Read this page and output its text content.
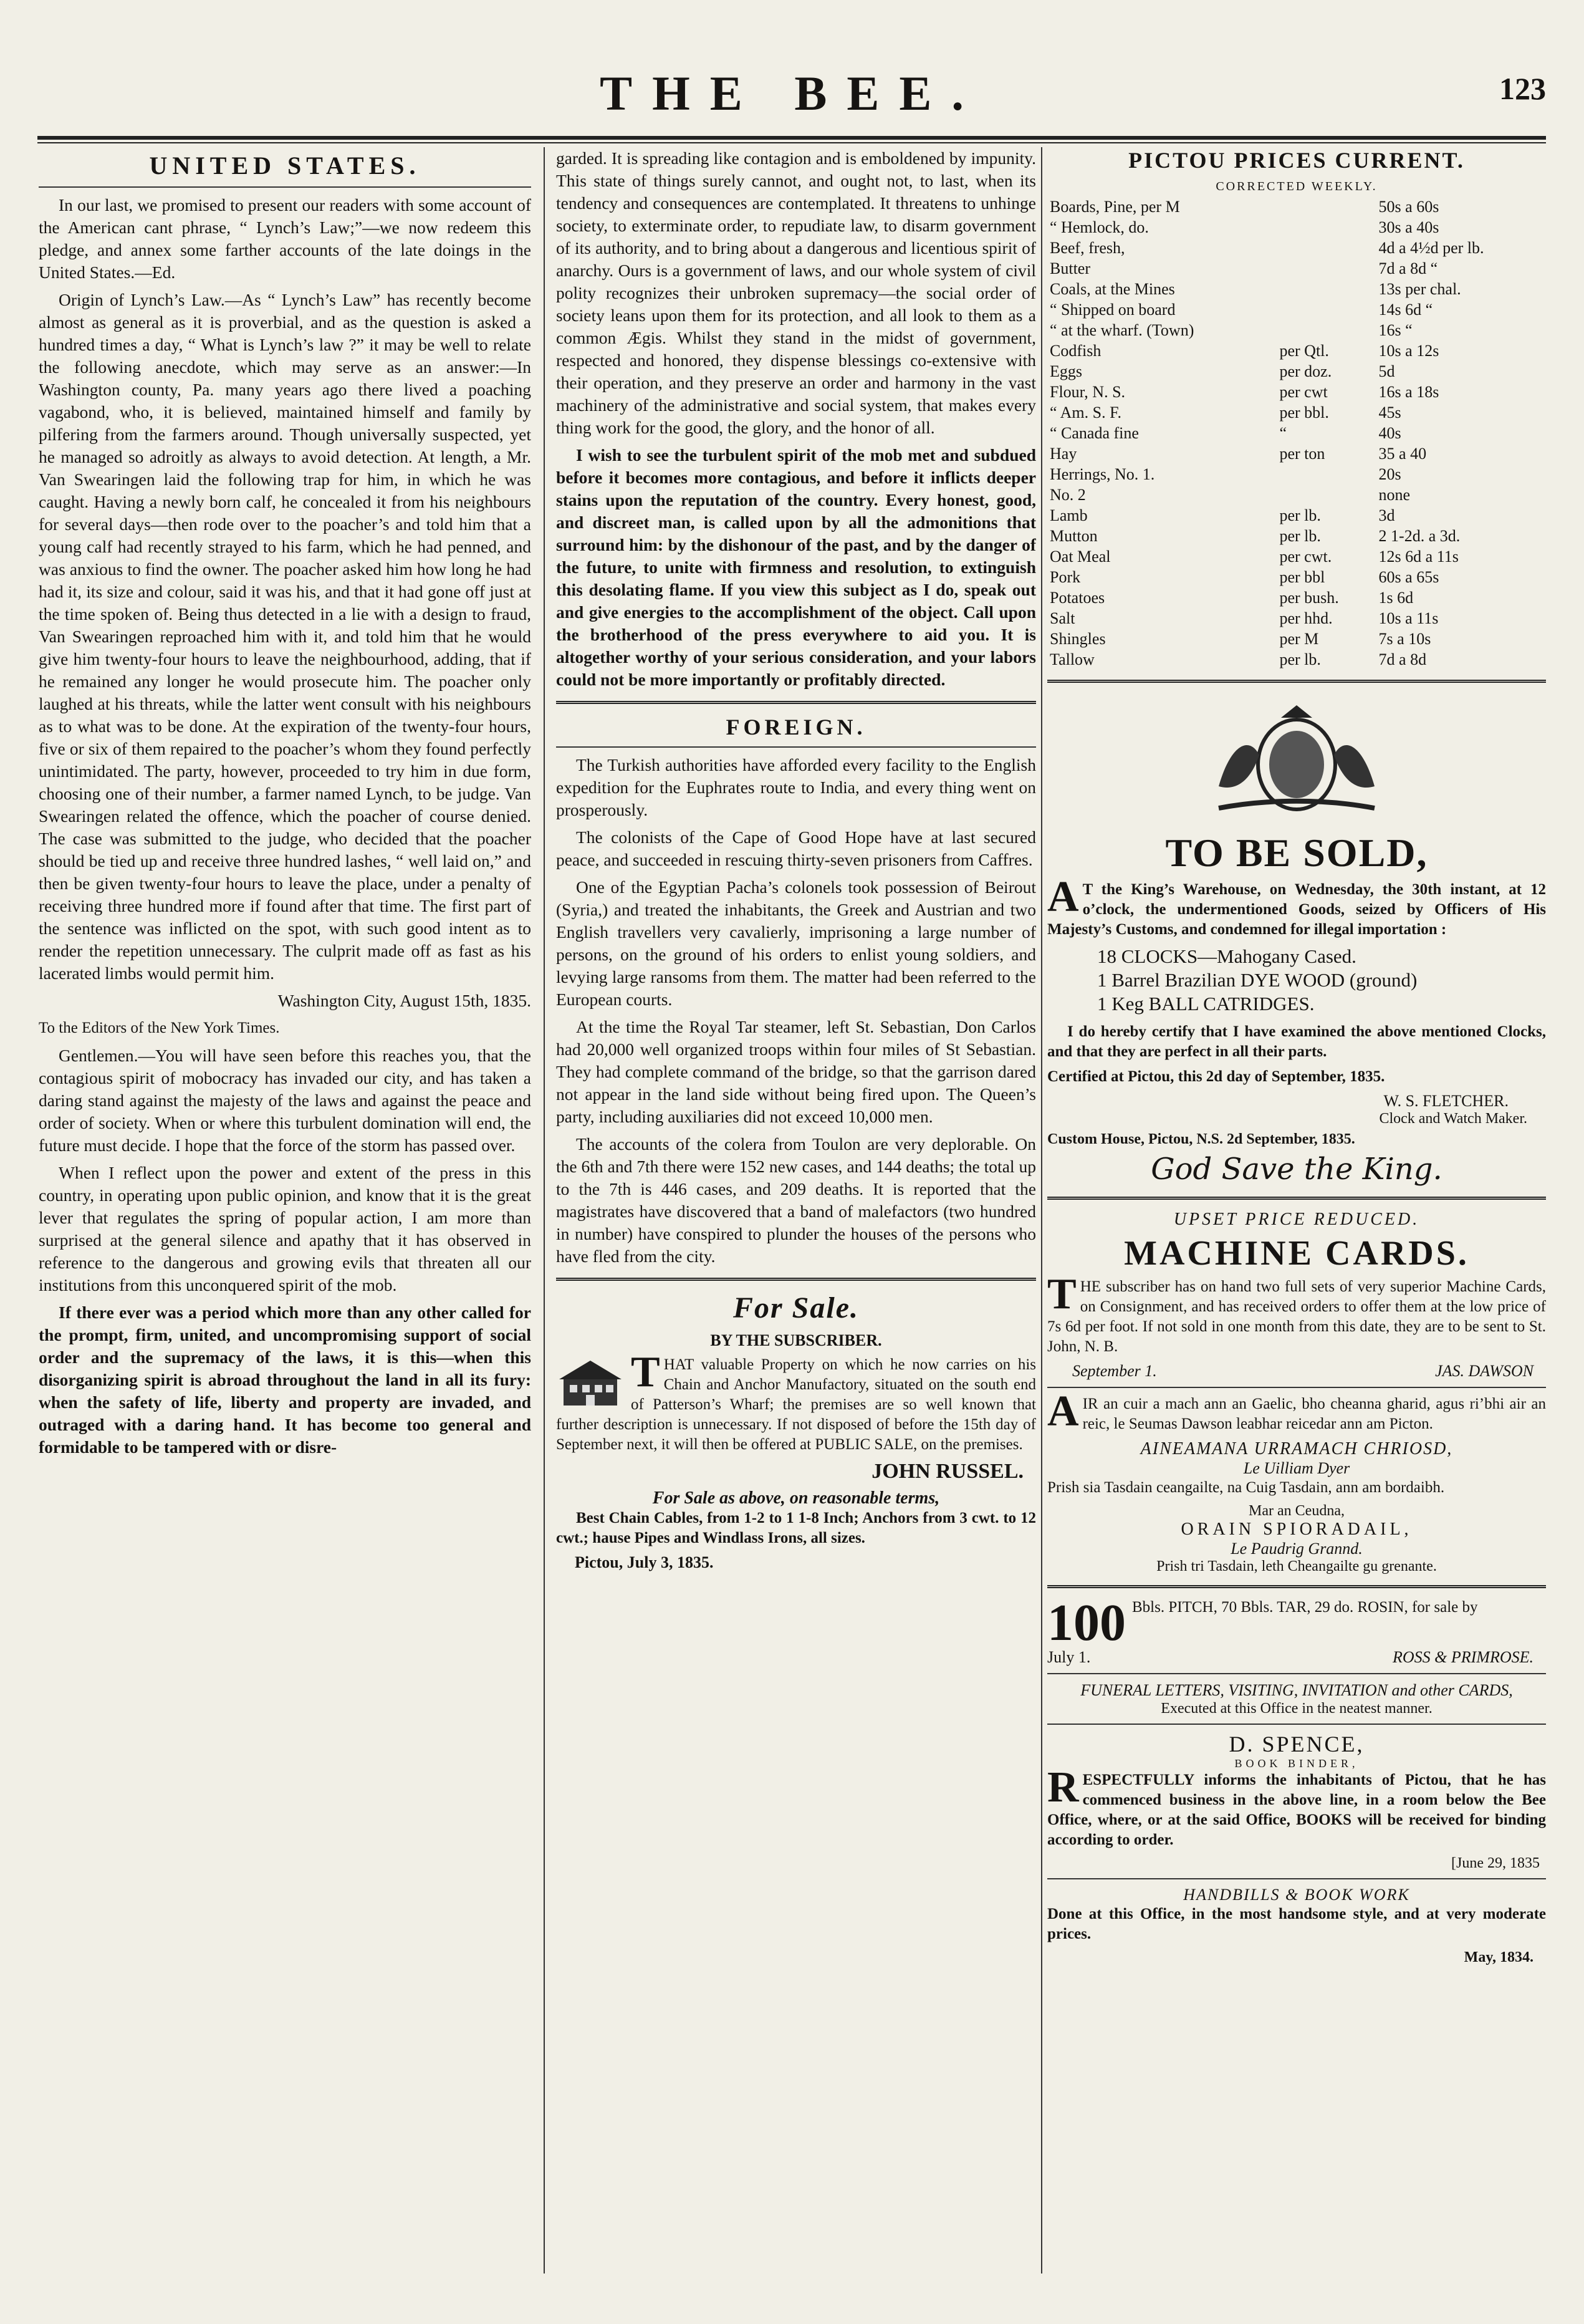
THE BEE.	123
UNITED STATES.

In our last, we promised to present our readers with some account of the American cant phrase, “ Lynch’s Law;”—we now redeem this pledge, and annex some farther accounts of the late doings in the United States.—Ed.

Origin of Lynch’s Law.—As “ Lynch’s Law” has recently become almost as general as it is proverbial, and as the question is asked a hundred times a day, “ What is Lynch’s law ?” it may be well to relate the following anecdote, which may serve as an answer:—In Washington county, Pa. many years ago there lived a poaching vagabond, who, it is believed, maintained himself and family by pilfering from the farmers around. Though universally suspected, yet he managed so adroitly as always to avoid detection. At length, a Mr. Van Swearingen laid the following trap for him, in which he was caught. Having a newly born calf, he concealed it from his neighbours for several days—then rode over to the poacher’s and told him that a young calf had recently strayed to his farm, which he had penned, and was anxious to find the owner. The poacher asked him how long he had had it, its size and colour, said it was his, and that it had gone off just at the time spoken of. Being thus detected in a lie with a design to fraud, Van Swearingen reproached him with it, and told him that he would give him twenty-four hours to leave the neighbourhood, adding, that if he remained any longer he would prosecute him. The poacher only laughed at his threats, while the latter went consult with his neighbours as to what was to be done. At the expiration of the twenty-four hours, five or six of them repaired to the poacher’s whom they found perfectly unintimidated. The party, however, proceeded to try him in due form, choosing one of their number, a farmer named Lynch, to be judge. Van Swearingen related the offence, which the poacher of course denied. The case was submitted to the judge, who decided that the poacher should be tied up and receive three hundred lashes, “ well laid on,” and then be given twenty-four hours to leave the place, under a penalty of receiving three hundred more if found after that time. The first part of the sentence was inflicted on the spot, with such good intent as to render the repetition unnecessary. The culprit made off as fast as his lacerated limbs would permit him.

Washington City, August 15th, 1835.

To the Editors of the New York Times.

Gentlemen.—You will have seen before this reaches you, that the contagious spirit of mobocracy has invaded our city, and has taken a daring stand against the majesty of the laws and against the peace and order of society. When or where this turbulent domination will end, the future must decide. I hope that the force of the storm has passed over.

When I reflect upon the power and extent of the press in this country, in operating upon public opinion, and know that it is the great lever that regulates the spring of popular action, I am more than surprised at the general silence and apathy that it has observed in reference to the dangerous and growing evils that threaten all our institutions from this unconquered spirit of the mob.

If there ever was a period which more than any other called for the prompt, firm, united, and uncompromising support of social order and the supremacy of the laws, it is this—when this disorganizing spirit is abroad throughout the land in all its fury: when the safety of life, liberty and property are invaded, and outraged with a daring hand. It has become too general and formidable to be tampered with or disre-

garded. It is spreading like contagion and is emboldened by impunity. This state of things surely cannot, and ought not, to last, when its tendency and consequences are contemplated. It threatens to unhinge society, to exterminate order, to repudiate law, to disarm government of its authority, and to bring about a dangerous and licentious spirit of anarchy. Ours is a government of laws, and our whole system of civil polity recognizes their unbroken supremacy—the social order of society leans upon them for its protection, and all look to them as a common Ægis. Whilst they stand in the midst of government, respected and honored, they dispense blessings co-extensive with their operation, and they preserve an order and harmony in the vast machinery of the administrative and social system, that makes every thing work for the good, the glory, and the honor of all.

I wish to see the turbulent spirit of the mob met and subdued before it becomes more contagious, and before it inflicts deeper stains upon the reputation of the country. Every honest, good, and discreet man, is called upon by all the admonitions that surround him: by the dishonour of the past, and by the danger of the future, to unite with firmness and resolution, to extinguish this desolating flame. If you view this subject as I do, speak out and give energies to the accomplishment of the object. Call upon the brotherhood of the press everywhere to aid you. It is altogether worthy of your serious consideration, and your labors could not be more importantly or profitably directed.

FOREIGN.

The Turkish authorities have afforded every facility to the English expedition for the Euphrates route to India, and every thing went on prosperously.

The colonists of the Cape of Good Hope have at last secured peace, and succeeded in rescuing thirty-seven prisoners from Caffres.

One of the Egyptian Pacha’s colonels took possession of Beirout (Syria,) and treated the inhabitants, the Greek and Austrian and two English travellers very cavalierly, imprisoning a large number of persons, on the ground of his orders to enlist young soldiers, and levying large ransoms from them. The matter had been referred to the European courts.

At the time the Royal Tar steamer, left St. Sebastian, Don Carlos had 20,000 well organized troops within four miles of St Sebastian. They had complete command of the bridge, so that the garrison dared not appear in the land side without being fired upon. The Queen’s party, including auxiliaries did not exceed 10,000 men.

The accounts of the colera from Toulon are very deplorable. On the 6th and 7th there were 152 new cases, and 144 deaths; the total up to the 7th is 446 cases, and 209 deaths. It is reported that the magistrates have discovered that a band of malefactors (two hundred in number) have conspired to plunder the houses of the persons who have fled from the city.

For Sale.
BY THE SUBSCRIBER.

THAT valuable Property on which he now carries on his Chain and Anchor Manufactory, situated on the south end of Patterson’s Wharf; the premises are so well known that further description is unnecessary. If not disposed of before the 15th day of September next, it will then be offered at PUBLIC SALE, on the premises.

JOHN RUSSEL.
For Sale as above, on reasonable terms,

Best Chain Cables, from 1-2 to 1 1-8 Inch; Anchors from 3 cwt. to 12 cwt.; hause Pipes and Windlass Irons, all sizes.

Pictou, July 3, 1835.
PICTOU PRICES CURRENT.
CORRECTED WEEKLY.
Boards, Pine, per M		50s a 60s
“ Hemlock, do.		30s a 40s
Beef, fresh,		4d a 4½d per lb.
Butter		7d a 8d “
Coals, at the Mines		13s per chal.
“ Shipped on board		14s 6d “
“ at the wharf. (Town)		16s “
Codfish	per Qtl.	10s a 12s
Eggs	per doz.	5d
Flour, N. S.	per cwt	16s a 18s
“ Am. S. F.	per bbl.	45s
“ Canada fine	“	40s
Hay	per ton	35 a 40
Herrings, No. 1.		20s
No. 2		none
Lamb	per lb.	3d
Mutton	per lb.	2 1-2d. a 3d.
Oat Meal	per cwt.	12s 6d a 11s
Pork	per bbl	60s a 65s
Potatoes	per bush.	1s 6d
Salt	per hhd.	10s a 11s
Shingles	per M	7s a 10s
Tallow	per lb.	7d a 8d
TO BE SOLD,

AT the King’s Warehouse, on Wednesday, the 30th instant, at 12 o’clock, the undermentioned Goods, seized by Officers of His Majesty’s Customs, and condemned for illegal importation :

18 CLOCKS—Mahogany Cased.
1 Barrel Brazilian DYE WOOD (ground)
1 Keg BALL CATRIDGES.

I do hereby certify that I have examined the above mentioned Clocks, and that they are perfect in all their parts.

Certified at Pictou, this 2d day of September, 1835.

W. S. FLETCHER.
Clock and Watch Maker.
Custom House, Pictou, N.S. 2d September, 1835.
God Save the King.
UPSET PRICE REDUCED.
MACHINE CARDS.

THE subscriber has on hand two full sets of very superior Machine Cards, on Consignment, and has received orders to offer them at the low price of 7s 6d per foot. If not sold in one month from this date, they are to be sent to St. John, N. B.

September 1.	JAS. DAWSON

AIR an cuir a mach ann an Gaelic, bho cheanna gharid, agus ri’bhi air an reic, le Seumas Dawson leabhar reicedar ann am Picton.

AINEAMANA URRAMACH CHRIOSD,
Le Uilliam Dyer

Prish sia Tasdain ceangailte, na Cuig Tasdain, ann am bordaibh.

Mar an Ceudna,
ORAIN SPIORADAIL,
Le Paudrig Grannd.
Prish tri Tasdain, leth Cheangailte gu grenante.
100 Bbls. PITCH, 70 Bbls. TAR, 29 do. ROSIN, for sale by
July 1.	ROSS & PRIMROSE.
FUNERAL LETTERS, VISITING, INVITATION and other CARDS,
Executed at this Office in the neatest manner.
D. SPENCE,
BOOK BINDER,

RESPECTFULLY informs the inhabitants of Pictou, that he has commenced business in the above line, in a room below the Bee Office, where, or at the said Office, BOOKS will be received for binding according to order.

[June 29, 1835
HANDBILLS & BOOK WORK

Done at this Office, in the most handsome style, and at very moderate prices.

May, 1834.
